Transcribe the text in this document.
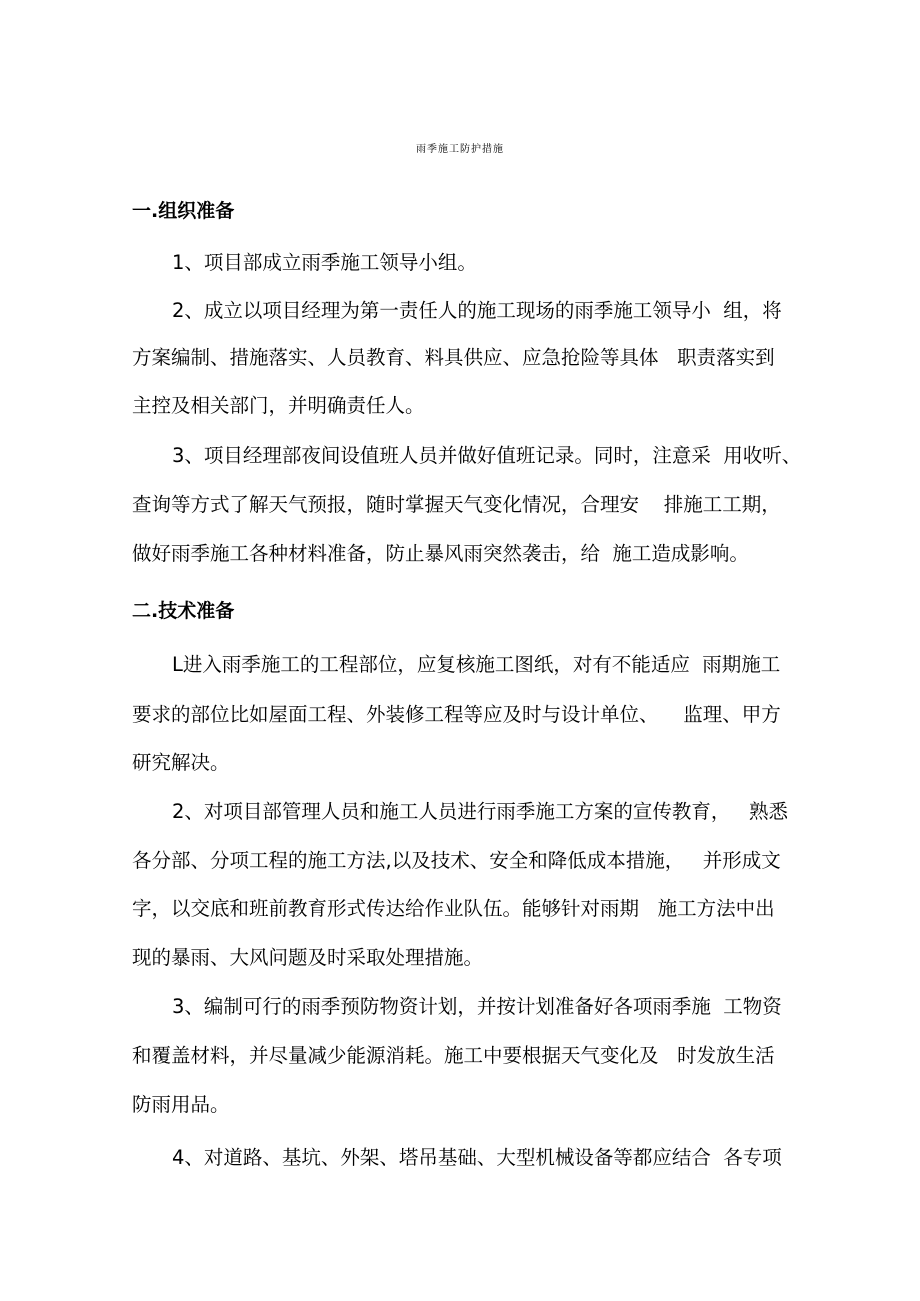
雨季施工防护措施
一.组织准备
1、项目部成立雨季施工领导小组。
2、成立以项目经理为第一责任人的施工现场的雨季施工领导小  组，将
方案编制、措施落实、人员教育、料具供应、应急抢险等具体   职责落实到
主控及相关部门，并明确责任人。
3、项目经理部夜间设值班人员并做好值班记录。同时，注意采  用收听、
查询等方式了解天气预报，随时掌握天气变化情况，合理安    排施工工期，
做好雨季施工各种材料准备，防止暴风雨突然袭击，给  施工造成影响。
二.技术准备
L进入雨季施工的工程部位，应复核施工图纸，对有不能适应  雨期施工
要求的部位比如屋面工程、外装修工程等应及时与设计单位、    监理、甲方
研究解决。
2、对项目部管理人员和施工人员进行雨季施工方案的宣传教育，   熟悉
各分部、分项工程的施工方法,以及技术、安全和降低成本措施，   并形成文
字，以交底和班前教育形式传达给作业队伍。能够针对雨期   施工方法中出
现的暴雨、大风问题及时采取处理措施。
3、编制可行的雨季预防物资计划，并按计划准备好各项雨季施  工物资
和覆盖材料，并尽量减少能源消耗。施工中要根据天气变化及   时发放生活
防雨用品。
4、对道路、基坑、外架、塔吊基础、大型机械设备等都应结合  各专项
